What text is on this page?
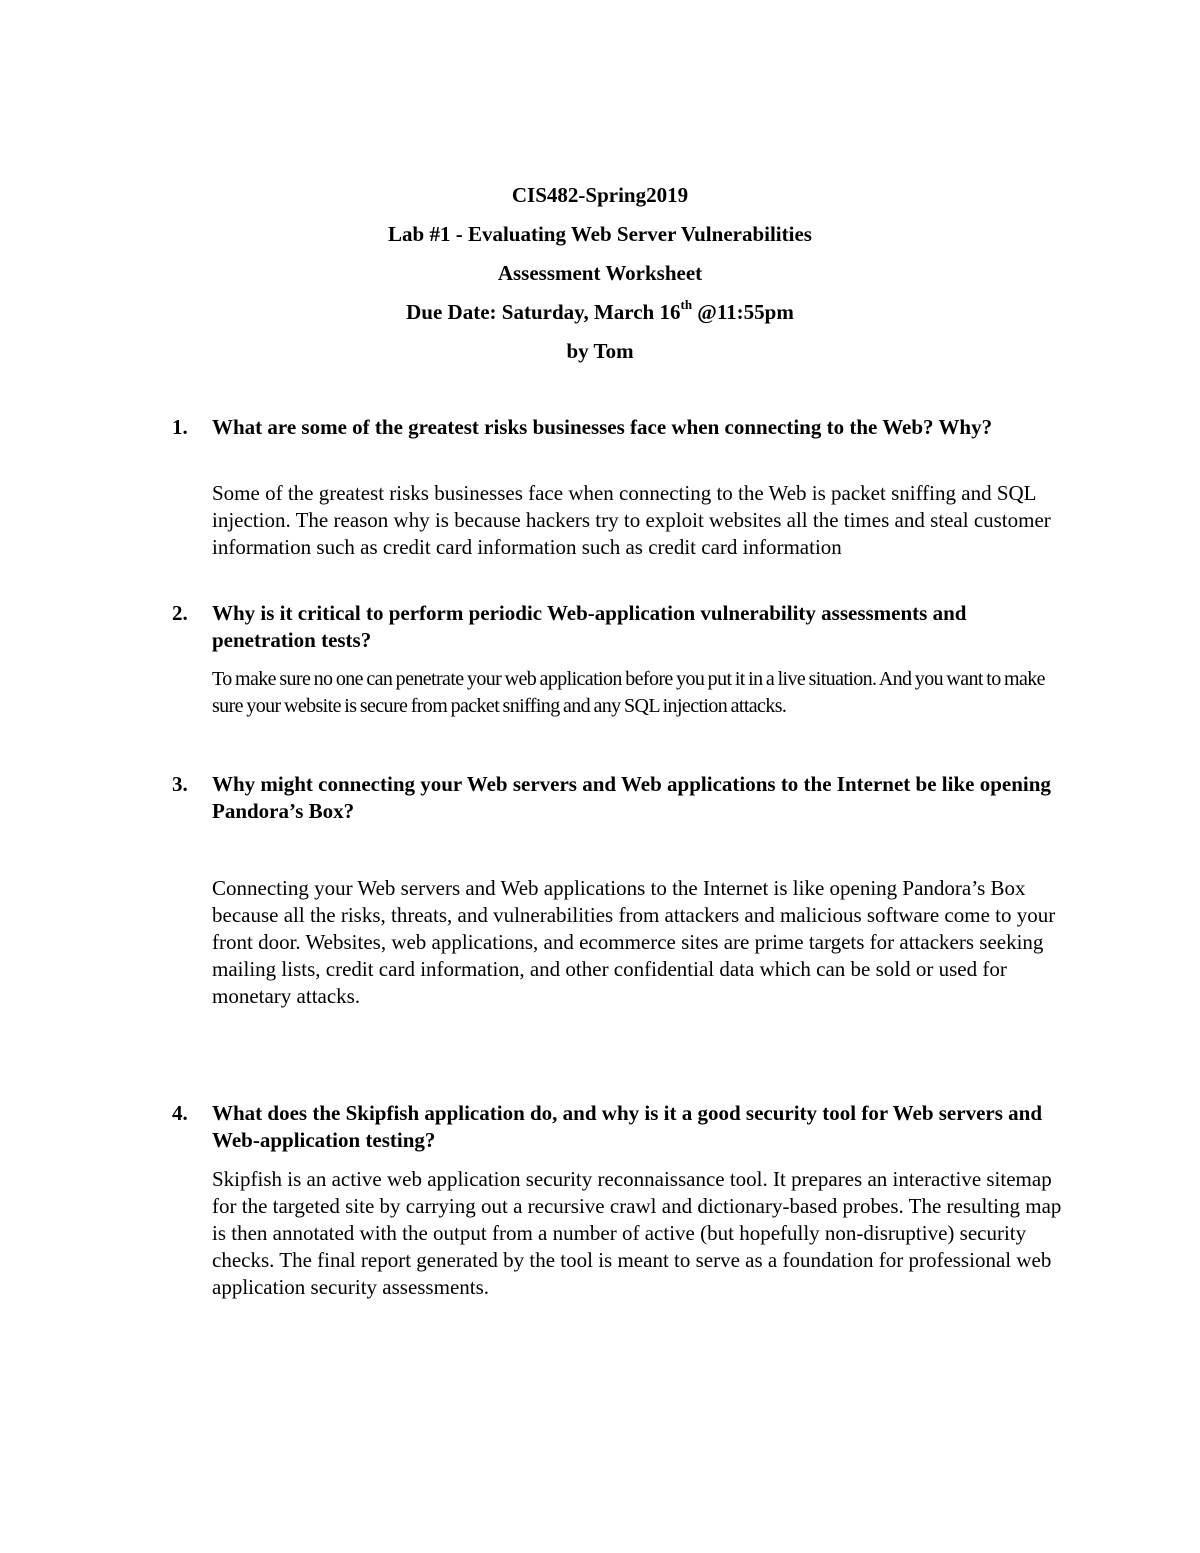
CIS482-Spring2019
Lab #1 - Evaluating Web Server Vulnerabilities
Assessment Worksheet
Due Date: Saturday, March 16th @11:55pm
by Tom
1. What are some of the greatest risks businesses face when connecting to the Web? Why?
Some of the greatest risks businesses face when connecting to the Web is packet sniffing and SQL injection. The reason why is because hackers try to exploit websites all the times and steal customer information such as credit card information such as credit card information
2. Why is it critical to perform periodic Web-application vulnerability assessments and penetration tests?
To make sure no one can penetrate your web application before you put it in a live situation. And you want to make sure your website is secure from packet sniffing and any SQL injection attacks.
3. Why might connecting your Web servers and Web applications to the Internet be like opening Pandora’s Box?
Connecting your Web servers and Web applications to the Internet is like opening Pandora’s Box because all the risks, threats, and vulnerabilities from attackers and malicious software come to your front door. Websites, web applications, and ecommerce sites are prime targets for attackers seeking mailing lists, credit card information, and other confidential data which can be sold or used for monetary attacks.
4. What does the Skipfish application do, and why is it a good security tool for Web servers and Web-application testing?
Skipfish is an active web application security reconnaissance tool. It prepares an interactive sitemap for the targeted site by carrying out a recursive crawl and dictionary-based probes. The resulting map is then annotated with the output from a number of active (but hopefully non-disruptive) security checks. The final report generated by the tool is meant to serve as a foundation for professional web application security assessments.
